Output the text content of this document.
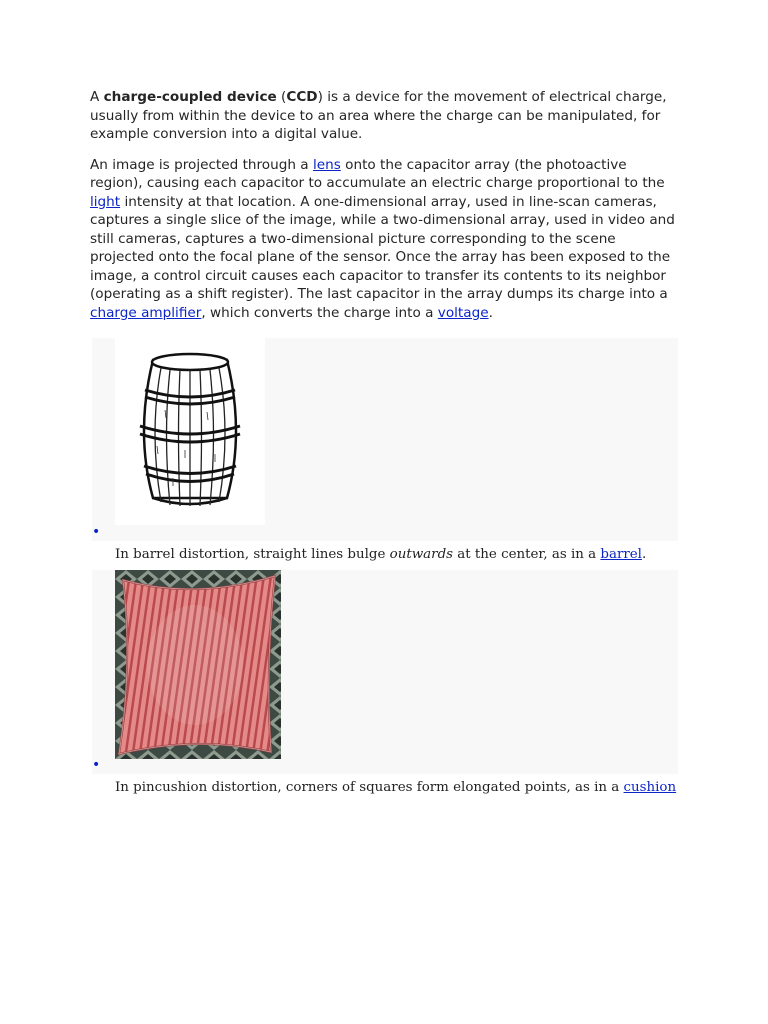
A charge-coupled device (CCD) is a device for the movement of electrical charge, usually from within the device to an area where the charge can be manipulated, for example conversion into a digital value.

An image is projected through a lens onto the capacitor array (the photoactive region), causing each capacitor to accumulate an electric charge proportional to the light intensity at that location. A one-dimensional array, used in line-scan cameras, captures a single slice of the image, while a two-dimensional array, used in video and still cameras, captures a two-dimensional picture corresponding to the scene projected onto the focal plane of the sensor. Once the array has been exposed to the image, a control circuit causes each capacitor to transfer its contents to its neighbor (operating as a shift register). The last capacitor in the array dumps its charge into a charge amplifier, which converts the charge into a voltage.

•
In barrel distortion, straight lines bulge outwards at the center, as in a barrel.
•
In pincushion distortion, corners of squares form elongated points, as in a cushion
